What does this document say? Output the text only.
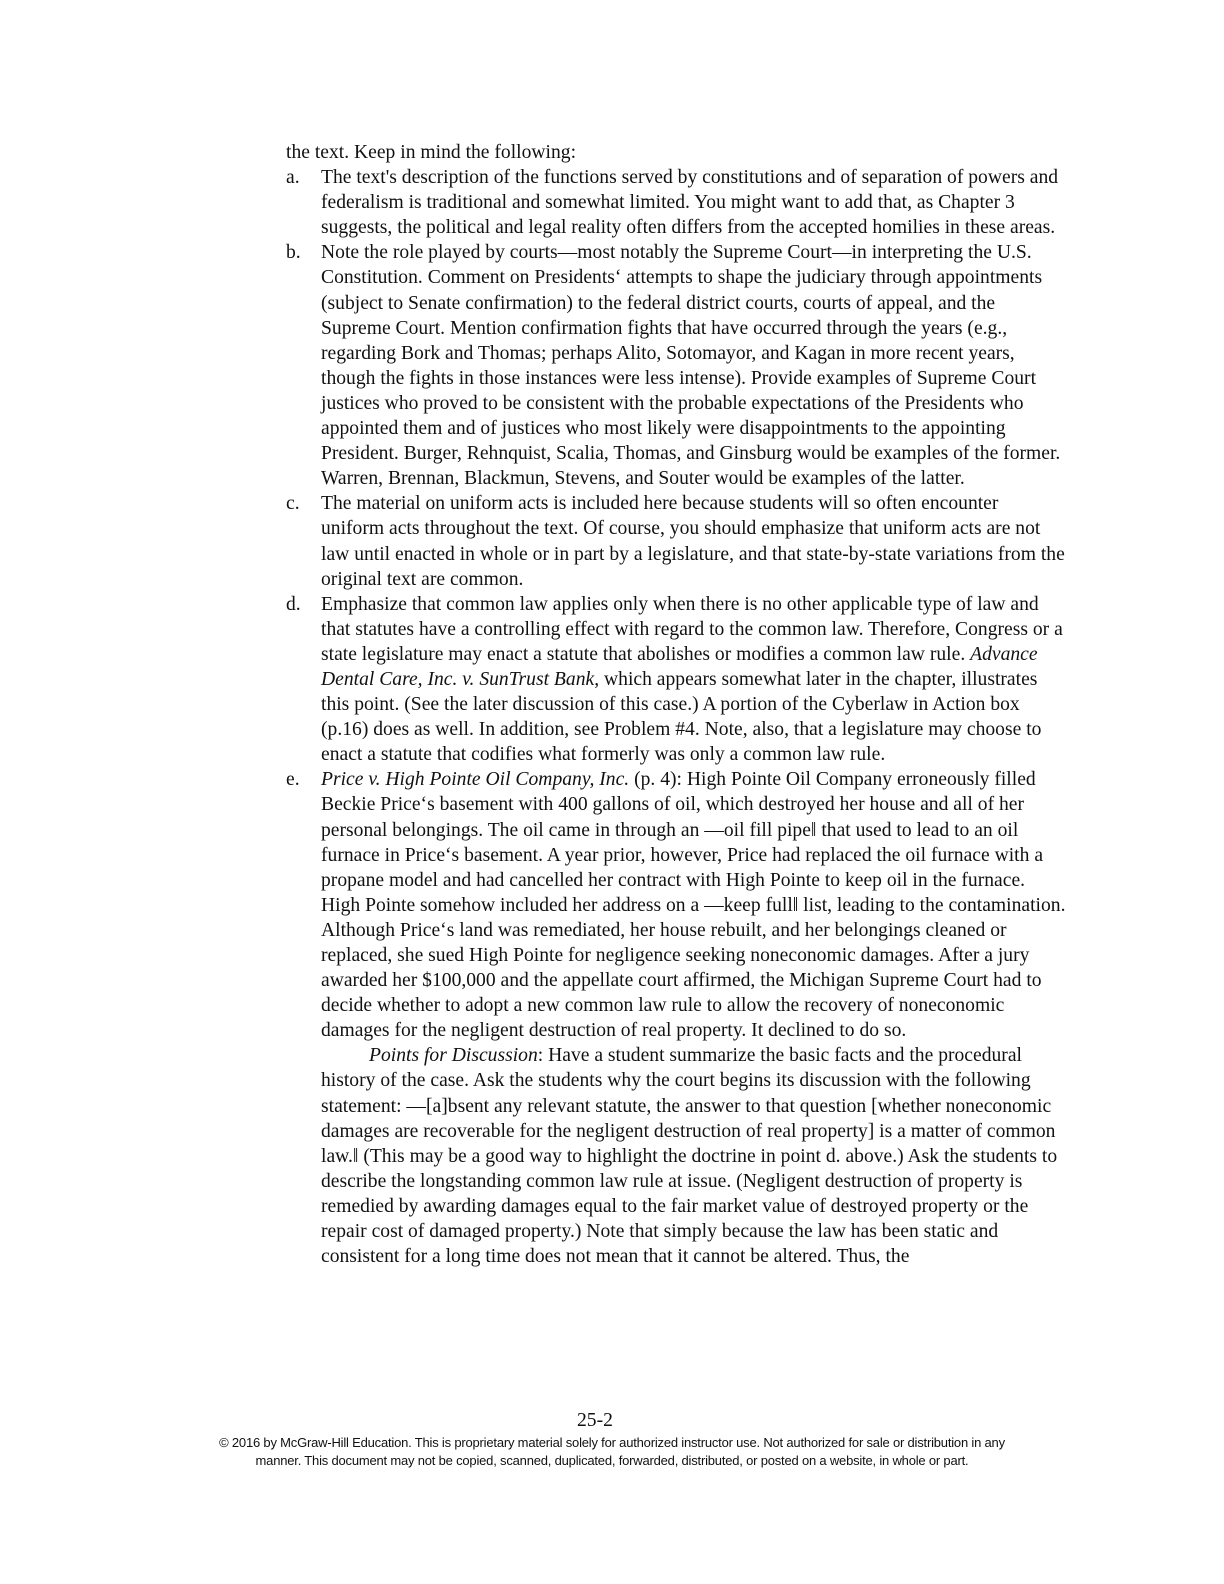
the text. Keep in mind the following:

a. The text's description of the functions served by constitutions and of separation of powers and federalism is traditional and somewhat limited. You might want to add that, as Chapter 3 suggests, the political and legal reality often differs from the accepted homilies in these areas.
b. Note the role played by courts—most notably the Supreme Court—in interpreting the U.S. Constitution. Comment on Presidents‘ attempts to shape the judiciary through appointments (subject to Senate confirmation) to the federal district courts, courts of appeal, and the Supreme Court. Mention confirmation fights that have occurred through the years (e.g., regarding Bork and Thomas; perhaps Alito, Sotomayor, and Kagan in more recent years, though the fights in those instances were less intense). Provide examples of Supreme Court justices who proved to be consistent with the probable expectations of the Presidents who appointed them and of justices who most likely were disappointments to the appointing President. Burger, Rehnquist, Scalia, Thomas, and Ginsburg would be examples of the former. Warren, Brennan, Blackmun, Stevens, and Souter would be examples of the latter.
c. The material on uniform acts is included here because students will so often encounter uniform acts throughout the text. Of course, you should emphasize that uniform acts are not law until enacted in whole or in part by a legislature, and that state-by-state variations from the original text are common.
d. Emphasize that common law applies only when there is no other applicable type of law and that statutes have a controlling effect with regard to the common law. Therefore, Congress or a state legislature may enact a statute that abolishes or modifies a common law rule. Advance Dental Care, Inc. v. SunTrust Bank, which appears somewhat later in the chapter, illustrates this point. (See the later discussion of this case.) A portion of the Cyberlaw in Action box (p.16) does as well. In addition, see Problem #4. Note, also, that a legislature may choose to enact a statute that codifies what formerly was only a common law rule.
e. Price v. High Pointe Oil Company, Inc. (p. 4): High Pointe Oil Company erroneously filled Beckie Price‘s basement with 400 gallons of oil, which destroyed her house and all of her personal belongings. The oil came in through an ―oil fill pipe‖ that used to lead to an oil furnace in Price‘s basement. A year prior, however, Price had replaced the oil furnace with a propane model and had cancelled her contract with High Pointe to keep oil in the furnace. High Pointe somehow included her address on a ―keep full‖ list, leading to the contamination. Although Price‘s land was remediated, her house rebuilt, and her belongings cleaned or replaced, she sued High Pointe for negligence seeking noneconomic damages. After a jury awarded her $100,000 and the appellate court affirmed, the Michigan Supreme Court had to decide whether to adopt a new common law rule to allow the recovery of noneconomic damages for the negligent destruction of real property. It declined to do so.
Points for Discussion: Have a student summarize the basic facts and the procedural history of the case. Ask the students why the court begins its discussion with the following statement: ―[a]bsent any relevant statute, the answer to that question [whether noneconomic damages are recoverable for the negligent destruction of real property] is a matter of common law.‖ (This may be a good way to highlight the doctrine in point d. above.) Ask the students to describe the longstanding common law rule at issue. (Negligent destruction of property is remedied by awarding damages equal to the fair market value of destroyed property or the repair cost of damaged property.) Note that simply because the law has been static and consistent for a long time does not mean that it cannot be altered. Thus, the
25-2
© 2016 by McGraw-Hill Education. This is proprietary material solely for authorized instructor use. Not authorized for sale or distribution in any
manner. This document may not be copied, scanned, duplicated, forwarded, distributed, or posted on a website, in whole or part.
